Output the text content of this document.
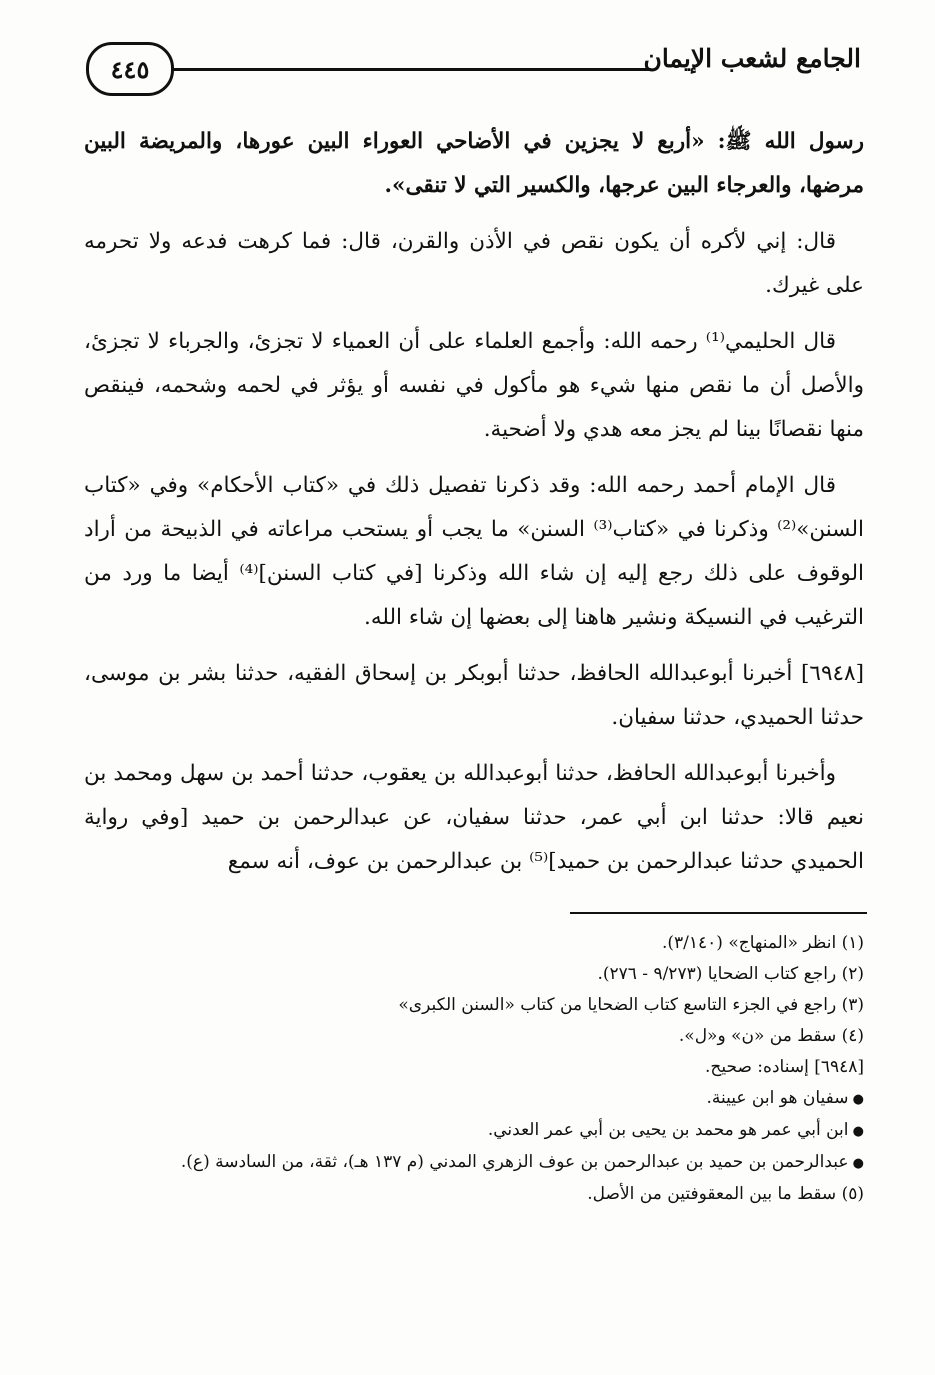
٤٤٥	الجامع لشعب الإيمان

رسول الله ﷺ: «أربع لا يجزين في الأضاحي العوراء البين عورها، والمريضة البين مرضها، والعرجاء البين عرجها، والكسير التي لا تنقى».

قال: إني لأكره أن يكون نقص في الأذن والقرن، قال: فما كرهت فدعه ولا تحرمه على غيرك.

قال الحليمي⁽¹⁾ رحمه الله: وأجمع العلماء على أن العمياء لا تجزئ، والجرباء لا تجزئ، والأصل أن ما نقص منها شيء هو مأكول في نفسه أو يؤثر في لحمه وشحمه، فينقص منها نقصانًا بينا لم يجز معه هدي ولا أضحية.

قال الإمام أحمد رحمه الله: وقد ذكرنا تفصيل ذلك في «كتاب الأحكام» وفي «كتاب السنن»⁽²⁾ وذكرنا في «كتاب⁽³⁾ السنن» ما يجب أو يستحب مراعاته في الذبيحة من أراد الوقوف على ذلك رجع إليه إن شاء الله وذكرنا [في كتاب السنن]⁽⁴⁾ أيضا ما ورد من الترغيب في النسيكة ونشير هاهنا إلى بعضها إن شاء الله.

[٦٩٤٨] أخبرنا أبوعبدالله الحافظ، حدثنا أبوبكر بن إسحاق الفقيه، حدثنا بشر بن موسى، حدثنا الحميدي، حدثنا سفيان.

وأخبرنا أبوعبدالله الحافظ، حدثنا أبوعبدالله بن يعقوب، حدثنا أحمد بن سهل ومحمد بن نعيم قالا: حدثنا ابن أبي عمر، حدثنا سفيان، عن عبدالرحمن بن حميد [وفي رواية الحميدي حدثنا عبدالرحمن بن حميد]⁽⁵⁾ بن عبدالرحمن بن عوف، أنه سمع

(١) انظر «المنهاج» (٣/١٤٠).

(٢) راجع كتاب الضحايا (٩/٢٧٣ - ٢٧٦).

(٣) راجع في الجزء التاسع كتاب الضحايا من كتاب «السنن الكبرى»

(٤) سقط من «ن» و«ل».

[٦٩٤٨] إسناده: صحيح.

● سفيان هو ابن عيينة.

● ابن أبي عمر هو محمد بن يحيى بن أبي عمر العدني.

● عبدالرحمن بن حميد بن عبدالرحمن بن عوف الزهري المدني (م ١٣٧ هـ)، ثقة، من السادسة (ع).

(٥) سقط ما بين المعقوفتين من الأصل.
